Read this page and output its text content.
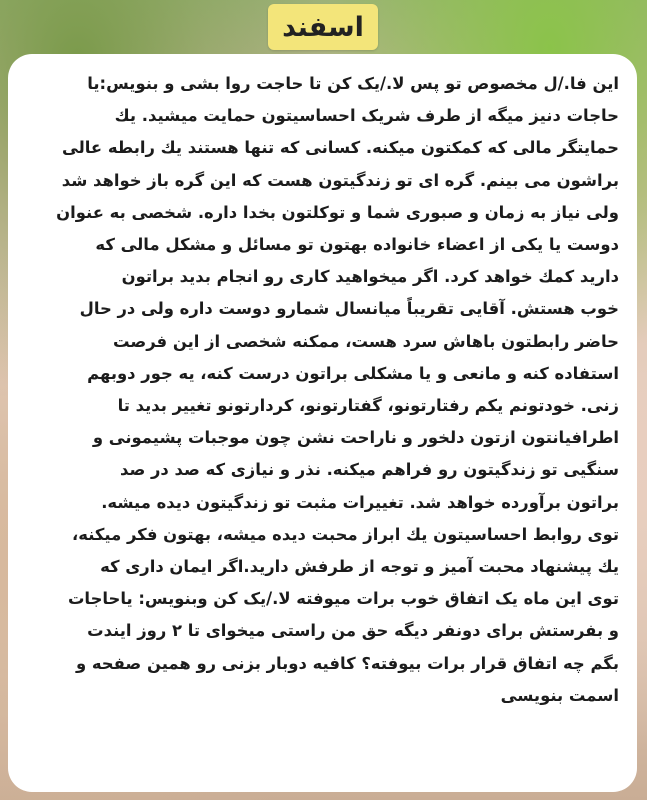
اسفند
این فا./ل مخصوص تو پس لا./یک کن تا حاجت روا بشی و بنویس:یا
حاجات دنیز میگه از طرف شریک احساسیتون حمایت میشید. یك
حمایتگر مالی که کمکتون میکنه. کسانی که تنها هستند یك رابطه عالی
براشون می بینم. گره ای تو زندگیتون هست که این گره باز خواهد شد
ولی نیاز به زمان و صبوری شما و توکلتون بخدا داره. شخصی به عنوان
دوست یا یکی از اعضاء خانواده بهتون تو مسائل و مشکل مالی که
دارید کمك خواهد کرد. اگر میخواهید کاری رو انجام بدید براتون
خوب هستش. آقایی تقریباً میانسال شمارو دوست داره ولی در حال
حاضر رابطتون باهاش سرد هست، ممکنه شخصی از این فرصت
استفاده کنه و مانعی و یا مشکلی براتون درست کنه، یه جور دوبهم
زنی. خودتونم یکم رفتارتونو، گفتارتونو، کردارتونو تغییر بدید تا
اطرافیانتون ازتون دلخور و ناراحت نشن چون موجبات پشیمونی و
سنگیی تو زندگیتون رو فراهم میکنه. نذر و نیازی که صد در صد
براتون برآورده خواهد شد. تغییرات مثبت تو زندگیتون دیده میشه.
توی روابط احساسیتون يك ابراز محبت دیده میشه، بهتون فکر میکنه،
یك پیشنهاد محبت آمیز و توجه از طرفش دارید.اگر ایمان داری که
توی این ماه یک اتفاق خوب برات میوفته لا./یک کن وبنویس: یاحاجات
و بفرستش برای دونفر دیگه حق من راستی میخوای تا ۲ روز ایندت
بگم چه اتفاق قرار برات بیوفته؟ کافیه دوبار بزنی رو همین صفحه و
اسمت بنویسی
